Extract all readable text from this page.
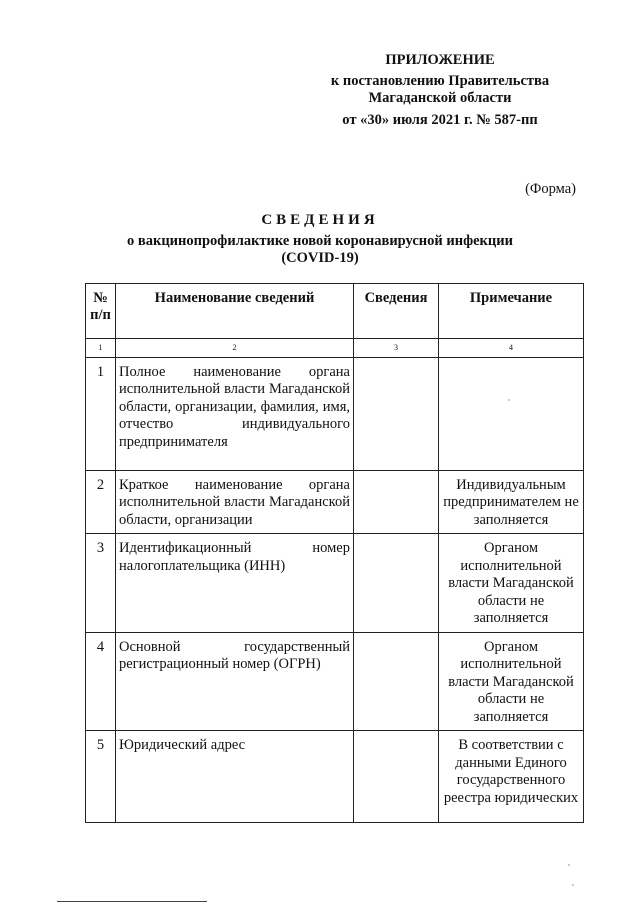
ПРИЛОЖЕНИЕ
к постановлению Правительства
Магаданской области
от «30» июля 2021 г. № 587-пп
(Форма)
СВЕДЕНИЯ
о вакцинопрофилактике новой коронавирусной инфекции
(COVID-19)
№
п/п	Наименование сведений	Сведения	Примечание
1	2	3	4
1	Полное наименование органа исполнительной власти Магаданской области, организации, фамилия, имя, отчество индивидуального предпринимателя		
2	Краткое наименование органа исполнительной власти Магаданской области, организации		Индивидуальным предпринимателем не заполняется
3	Идентификационный номер налогоплательщика (ИНН)		Органом исполнительной власти Магаданской области не заполняется
4	Основной государственный регистрационный номер (ОГРН)		Органом исполнительной власти Магаданской области не заполняется
5	Юридический адрес		В соответствии с данными Единого государственного реестра юридических
